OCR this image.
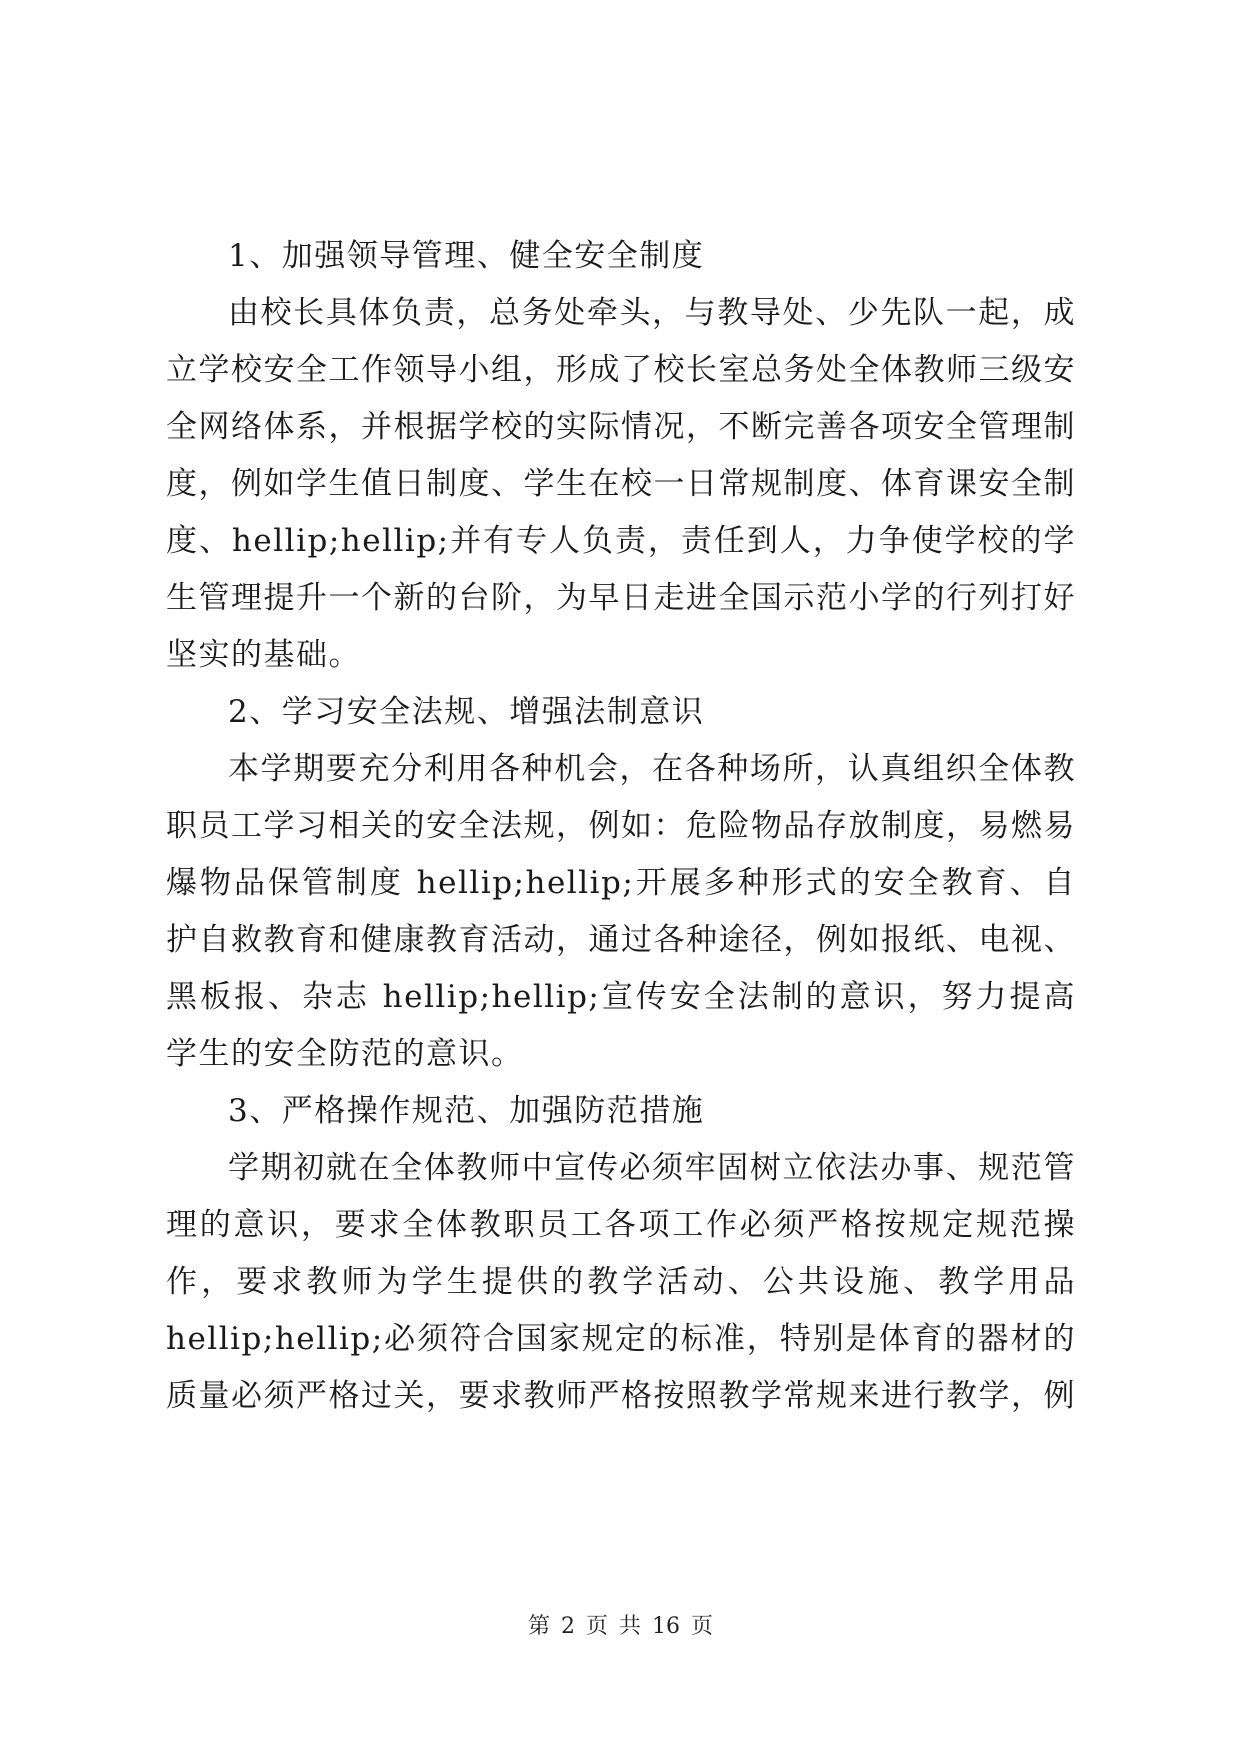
1、加强领导管理、健全安全制度

由校长具体负责，总务处牵头，与教导处、少先队一起，成立学校安全工作领导小组，形成了校长室总务处全体教师三级安全网络体系，并根据学校的实际情况，不断完善各项安全管理制度，例如学生值日制度、学生在校一日常规制度、体育课安全制度、hellip;hellip;并有专人负责，责任到人，力争使学校的学生管理提升一个新的台阶，为早日走进全国示范小学的行列打好坚实的基础。

2、学习安全法规、增强法制意识

本学期要充分利用各种机会，在各种场所，认真组织全体教职员工学习相关的安全法规，例如：危险物品存放制度，易燃易爆物品保管制度 hellip;hellip;开展多种形式的安全教育、自护自救教育和健康教育活动，通过各种途径，例如报纸、电视、黑板报、杂志 hellip;hellip;宣传安全法制的意识，努力提高学生的安全防范的意识。

3、严格操作规范、加强防范措施

学期初就在全体教师中宣传必须牢固树立依法办事、规范管理的意识，要求全体教职员工各项工作必须严格按规定规范操作，要求教师为学生提供的教学活动、公共设施、教学用品 hellip;hellip;必须符合国家规定的标准，特别是体育的器材的质量必须严格过关，要求教师严格按照教学常规来进行教学，例

第 2 页 共 16 页
